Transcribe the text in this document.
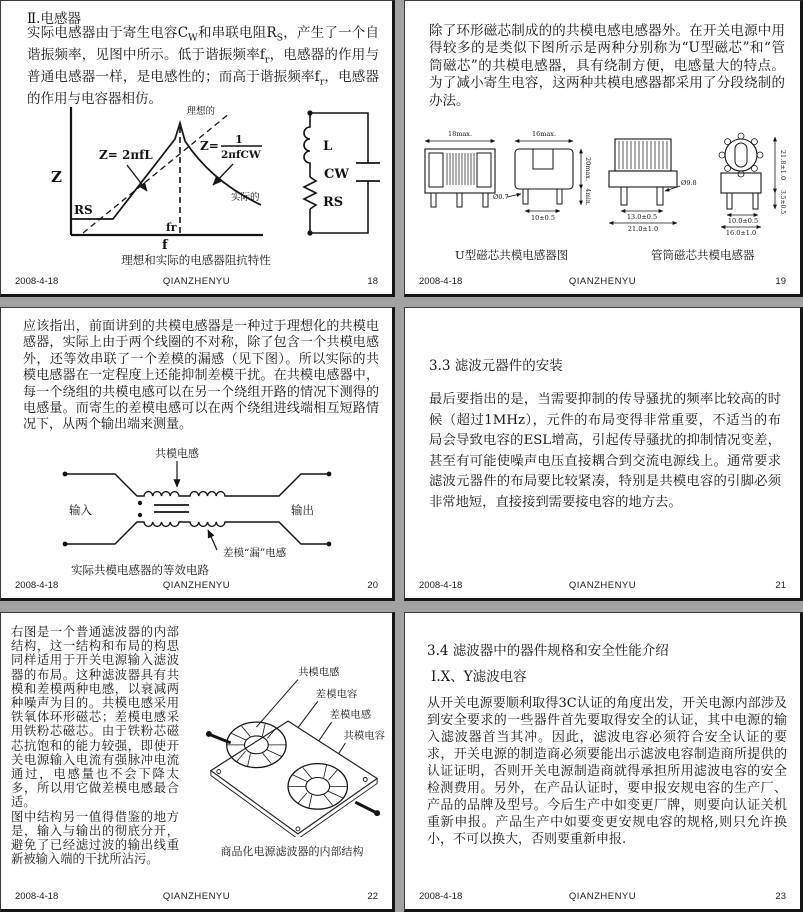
Ⅱ.电感器
实际电感器由于寄生电容$C_W$和串联电阻$R_S$，产生了一个自谐振频率，见图中所示。低于谐振频率$f_r$，电感器的作用与普通电感器一样，是电感性的；而高于谐振频率$f_r$，电感器的作用与电容器相仿。
Z
RS
理想的
Z= 2πfL
Z= 1
2πfCW
实际的
fr
f
L
CW
RS
理想和实际的电感器阻抗特性
2008-4-18	QIANZHENYU	18
除了环形磁芯制成的的共模电感电感器外。在开关电源中用得较多的是类似下图所示是两种分别称为“U型磁芯”和“管筒磁芯”的共模电感器，具有绕制方便，电感量大的特点。为了减小寄生电容，这两种共模电感器都采用了分段绕制的办法。
18max.	16max.
Ø0.7
10±0.5
20max.
4min.
Ø9.8
13.0±0.5
21.0±1.0
21.8±1.0
3.5±0.5
10.0±0.5
16.0±1.0
U型磁芯共模电感器图	管筒磁芯共模电感器
2008-4-18	QIANZHENYU	19
应该指出，前面讲到的共模电感器是一种过于理想化的共模电感器，实际上由于两个线圈的不对称，除了包含一个共模电感外，还等效串联了一个差模的漏感（见下图）。所以实际的共模电感器在一定程度上还能抑制差模干扰。在共模电感器中，每一个绕组的共模电感可以在另一个绕组开路的情况下测得的电感量。而寄生的差模电感可以在两个绕组进线端相互短路情况下，从两个输出端来测量。
共模电感
输入	输出
差模“漏”电感
实际共模电感器的等效电路
2008-4-18	QIANZHENYU	20
3.3 滤波元器件的安装
最后要指出的是，当需要抑制的传导骚扰的频率比较高的时候（超过1MHz），元件的布局变得非常重要，不适当的布局会导致电容的ESL增高，引起传导骚扰的抑制情况变差，甚至有可能使噪声电压直接耦合到交流电源线上。通常要求滤波元器件的布局要比较紧凑，特别是共模电容的引脚必须非常地短，直接接到需要接电容的地方去。
2008-4-18	QIANZHENYU	21

右图是一个普通滤波器的内部结构，这一结构和布局的构思同样适用于开关电源输入滤波器的布局。这种滤波器具有共模和差模两种电感，以衰减两种噪声为目的。共模电感采用铁氧体环形磁芯；差模电感采用铁粉芯磁芯。由于铁粉芯磁芯抗饱和的能力较强，即使开关电源输入电流有强脉冲电流通过，电感量也不会下降太多，所以用它做差模电感最合适。

图中结构另一值得借鉴的地方是，输入与输出的彻底分开，避免了已经滤过波的输出线重新被输入端的干扰所沾污。

共模电感
差模电容
差模电感
共模电容
商品化电源滤波器的内部结构
2008-4-18	QIANZHENYU	22
3.4 滤波器中的器件规格和安全性能介绍
Ⅰ.X、Y滤波电容
从开关电源要顺利取得3C认证的角度出发，开关电源内部涉及到安全要求的一些器件首先要取得安全的认证，其中电源的输入滤波器首当其冲。因此，滤波电容必须符合安全认证的要求，开关电源的制造商必须要能出示滤波电容制造商所提供的认证证明，否则开关电源制造商就得承担所用滤波电容的安全检测费用。另外，在产品认证时，要申报安规电容的生产厂、产品的品牌及型号。今后生产中如变更厂牌，则要向认证关机重新申报。产品生产中如要变更安规电容的规格,则只允许换小，不可以换大，否则要重新申报.
2008-4-18	QIANZHENYU	23
